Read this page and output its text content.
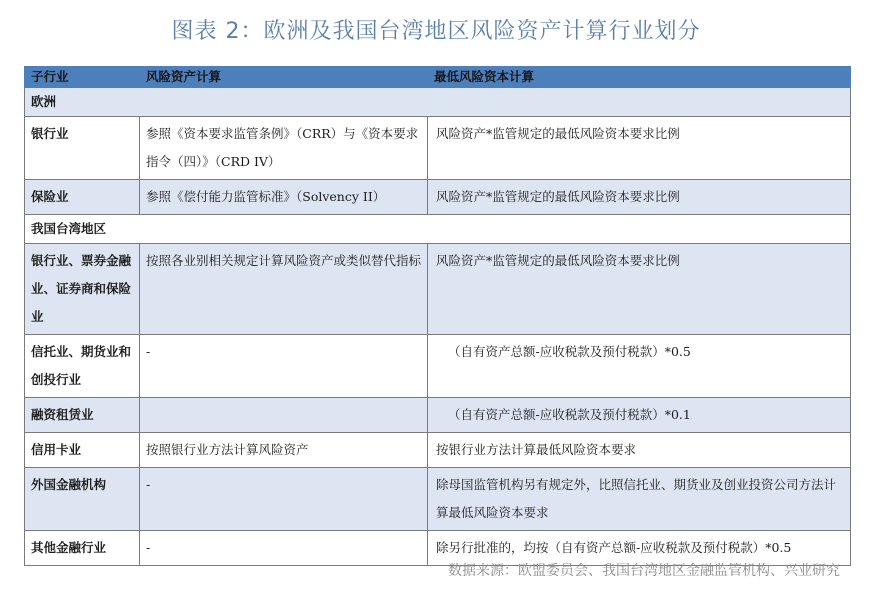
图表 2：欧洲及我国台湾地区风险资产计算行业划分
子行业	风险资产计算	最低风险资本计算
欧洲		
银行业	参照《资本要求监管条例》（CRR）与《资本要求指令（四）》（CRD IV）	风险资产*监管规定的最低风险资本要求比例
保险业	参照《偿付能力监管标准》（Solvency II）	风险资产*监管规定的最低风险资本要求比例
我国台湾地区		
银行业、票券金融业、证券商和保险业	按照各业别相关规定计算风险资产或类似替代指标	风险资产*监管规定的最低风险资本要求比例
信托业、期货业和创投行业	-	（自有资产总额-应收税款及预付税款）*0.5
融资租赁业		（自有资产总额-应收税款及预付税款）*0.1
信用卡业	按照银行业方法计算风险资产	按银行业方法计算最低风险资本要求
外国金融机构	-	除母国监管机构另有规定外，比照信托业、期货业及创业投资公司方法计算最低风险资本要求
其他金融行业	-	除另行批准的，均按（自有资产总额-应收税款及预付税款）*0.5
数据来源：欧盟委员会、我国台湾地区金融监管机构、兴业研究
